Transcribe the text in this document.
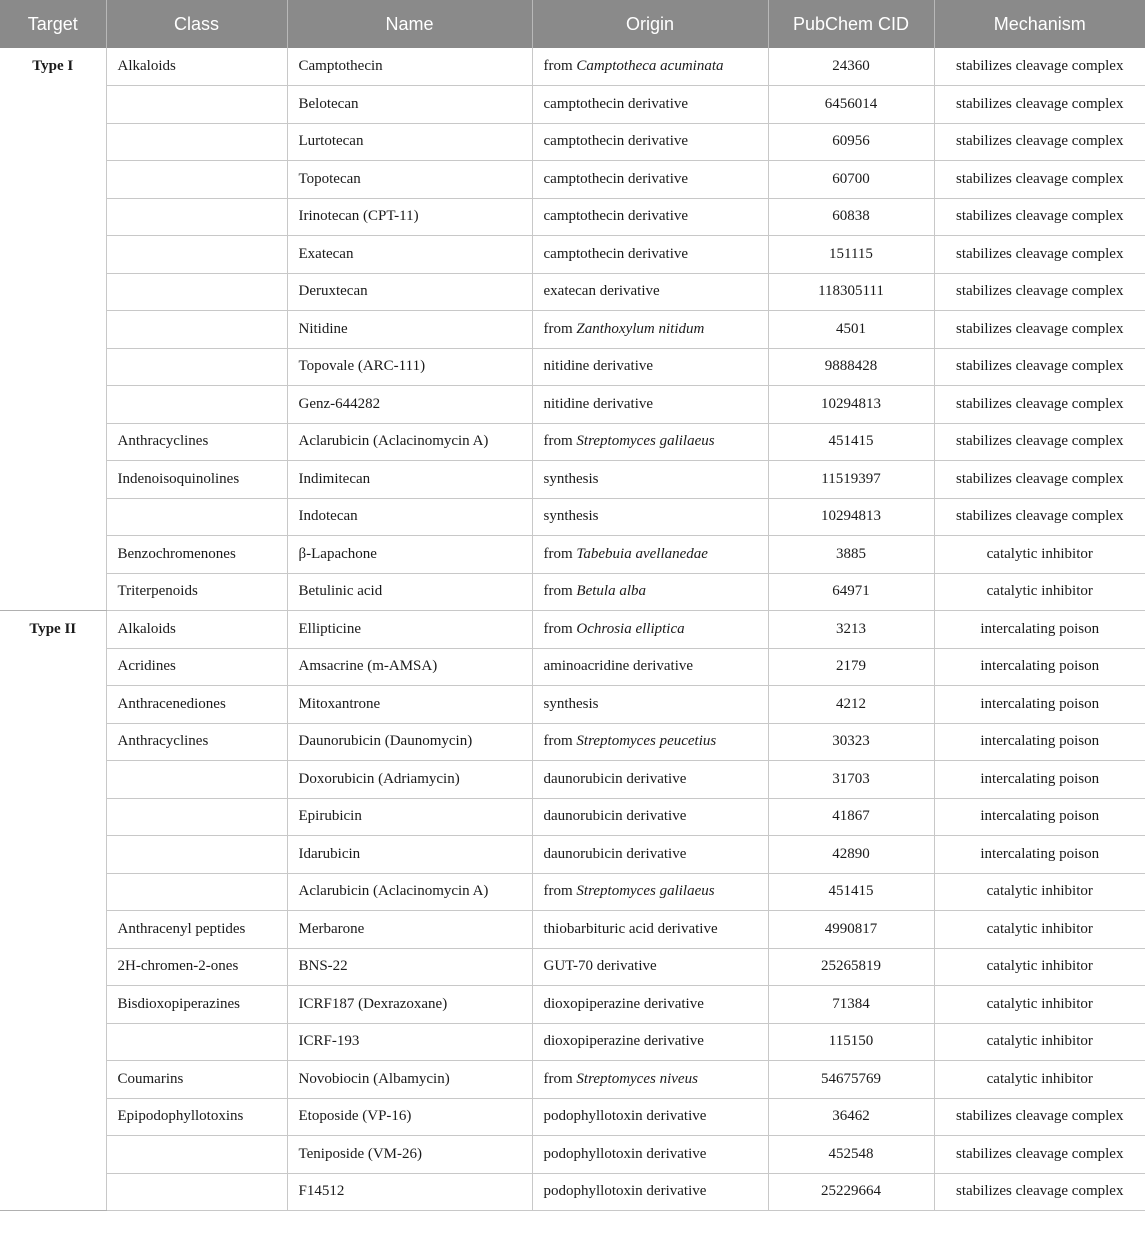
Target	Class	Name	Origin	PubChem CID	Mechanism
Type I	Alkaloids	Camptothecin	from Camptotheca acuminata	24360	stabilizes cleavage complex
		Belotecan	camptothecin derivative	6456014	stabilizes cleavage complex
		Lurtotecan	camptothecin derivative	60956	stabilizes cleavage complex
		Topotecan	camptothecin derivative	60700	stabilizes cleavage complex
		Irinotecan (CPT-11)	camptothecin derivative	60838	stabilizes cleavage complex
		Exatecan	camptothecin derivative	151115	stabilizes cleavage complex
		Deruxtecan	exatecan derivative	118305111	stabilizes cleavage complex
		Nitidine	from Zanthoxylum nitidum	4501	stabilizes cleavage complex
		Topovale (ARC-111)	nitidine derivative	9888428	stabilizes cleavage complex
		Genz-644282	nitidine derivative	10294813	stabilizes cleavage complex
	Anthracyclines	Aclarubicin (Aclacinomycin A)	from Streptomyces galilaeus	451415	stabilizes cleavage complex
	Indenoisoquinolines	Indimitecan	synthesis	11519397	stabilizes cleavage complex
		Indotecan	synthesis	10294813	stabilizes cleavage complex
	Benzochromenones	β-Lapachone	from Tabebuia avellanedae	3885	catalytic inhibitor
	Triterpenoids	Betulinic acid	from Betula alba	64971	catalytic inhibitor
Type II	Alkaloids	Ellipticine	from Ochrosia elliptica	3213	intercalating poison
	Acridines	Amsacrine (m-AMSA)	aminoacridine derivative	2179	intercalating poison
	Anthracenediones	Mitoxantrone	synthesis	4212	intercalating poison
	Anthracyclines	Daunorubicin (Daunomycin)	from Streptomyces peucetius	30323	intercalating poison
		Doxorubicin (Adriamycin)	daunorubicin derivative	31703	intercalating poison
		Epirubicin	daunorubicin derivative	41867	intercalating poison
		Idarubicin	daunorubicin derivative	42890	intercalating poison
		Aclarubicin (Aclacinomycin A)	from Streptomyces galilaeus	451415	catalytic inhibitor
	Anthracenyl peptides	Merbarone	thiobarbituric acid derivative	4990817	catalytic inhibitor
	2H-chromen-2-ones	BNS-22	GUT-70 derivative	25265819	catalytic inhibitor
	Bisdioxopiperazines	ICRF187 (Dexrazoxane)	dioxopiperazine derivative	71384	catalytic inhibitor
		ICRF-193	dioxopiperazine derivative	115150	catalytic inhibitor
	Coumarins	Novobiocin (Albamycin)	from Streptomyces niveus	54675769	catalytic inhibitor
	Epipodophyllotoxins	Etoposide (VP-16)	podophyllotoxin derivative	36462	stabilizes cleavage complex
		Teniposide (VM-26)	podophyllotoxin derivative	452548	stabilizes cleavage complex
		F14512	podophyllotoxin derivative	25229664	stabilizes cleavage complex
